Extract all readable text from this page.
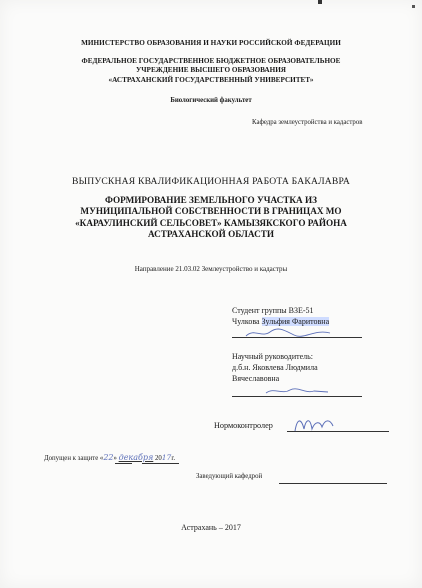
МИНИСТЕРСТВО ОБРАЗОВАНИЯ И НАУКИ РОССИЙСКОЙ ФЕДЕРАЦИИ
ФЕДЕРАЛЬНОЕ ГОСУДАРСТВЕННОЕ БЮДЖЕТНОЕ ОБРАЗОВАТЕЛЬНОЕ
УЧРЕЖДЕНИЕ ВЫСШЕГО ОБРАЗОВАНИЯ
«АСТРАХАНСКИЙ ГОСУДАРСТВЕННЫЙ УНИВЕРСИТЕТ»
Биологический факультет
Кафедра землеустройства и кадастров
ВЫПУСКНАЯ КВАЛИФИКАЦИОННАЯ РАБОТА БАКАЛАВРА
ФОРМИРОВАНИЕ ЗЕМЕЛЬНОГО УЧАСТКА ИЗ
МУНИЦИПАЛЬНОЙ СОБСТВЕННОСТИ В ГРАНИЦАХ МО
«КАРАУЛИНСКИЙ СЕЛЬСОВЕТ» КАМЫЗЯКСКОГО РАЙОНА
АСТРАХАНСКОЙ ОБЛАСТИ
Направление 21.03.02 Землеустройство и кадастры
Студент группы ВЗЕ-51
Чулкова Зульфия Фаритовна
Научный руководитель:
д.б.н. Яковлева Людмила
Вячеславовна
Нормоконтролер
Допущен к защите «22» декабря 2017г.
Заведующий кафедрой
Астрахань – 2017
